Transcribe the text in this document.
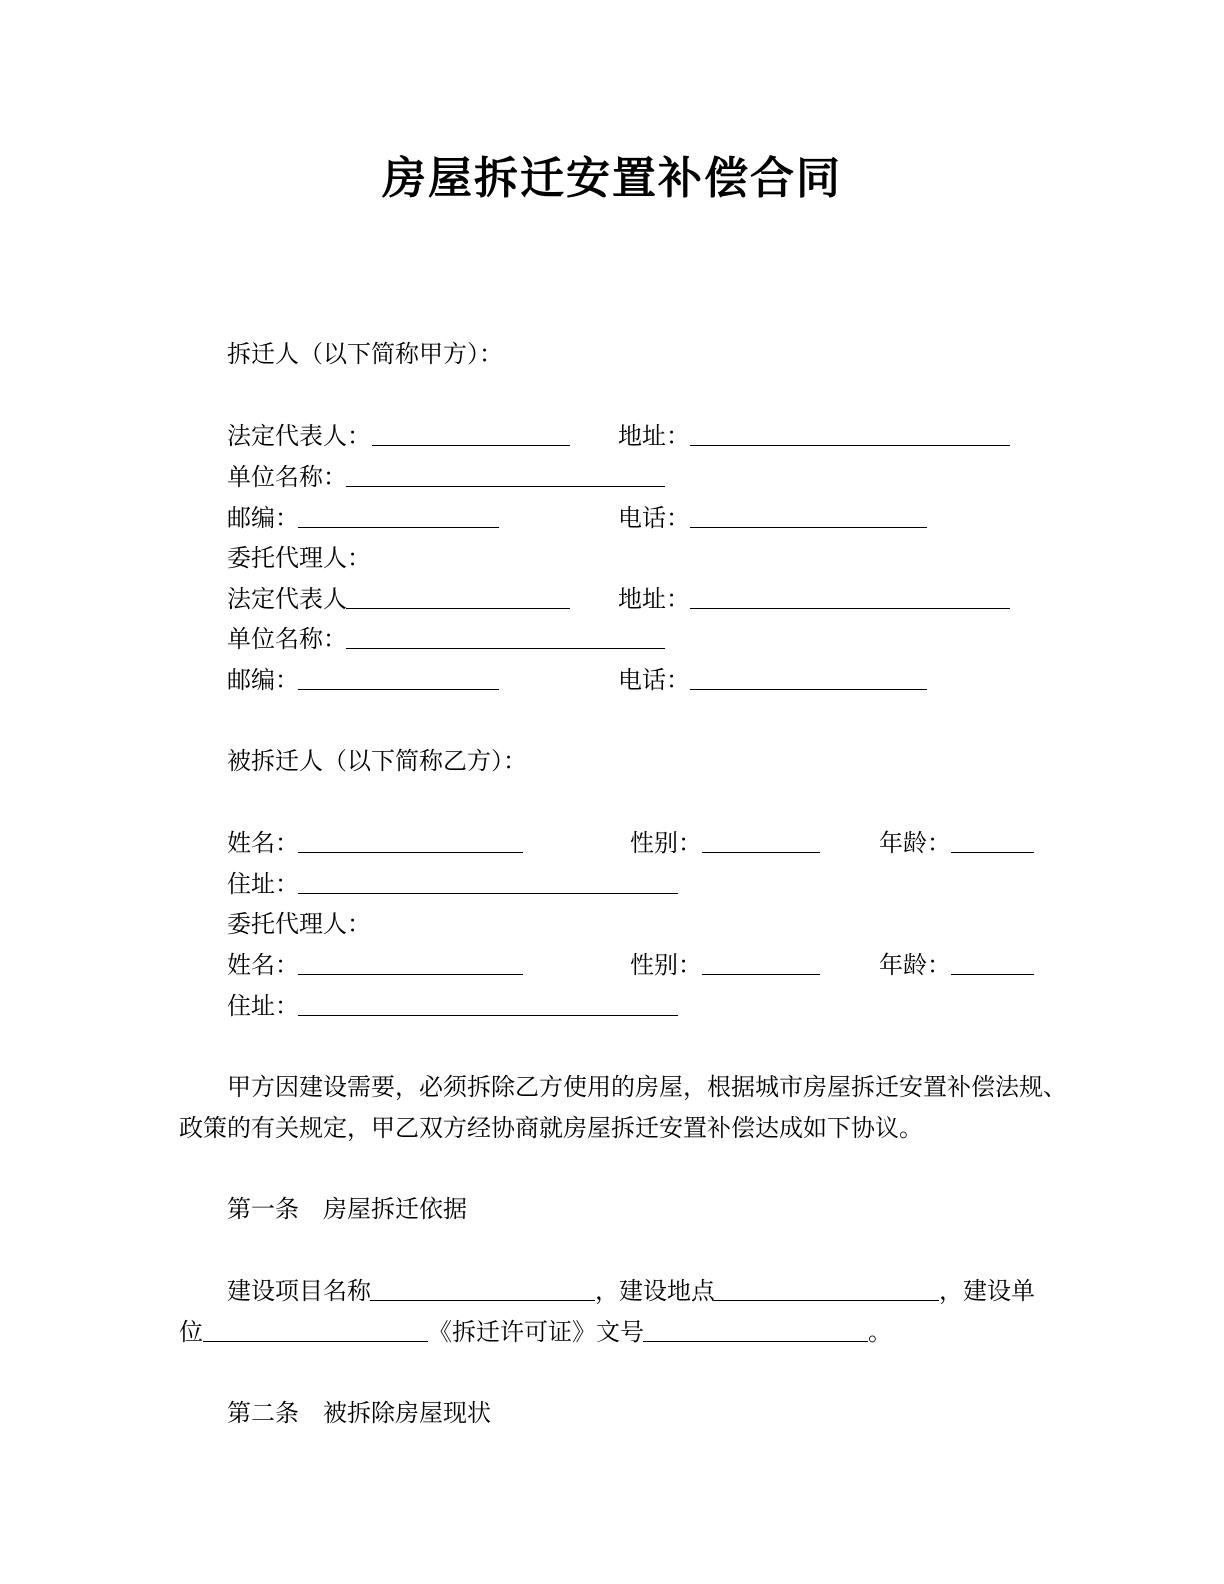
房屋拆迁安置补偿合同
拆迁人（以下简称甲方）：
法定代表人：	地址：
单位名称：
邮编：	电话：
委托代理人：
法定代表人	地址：
单位名称：
邮编：	电话：
被拆迁人（以下简称乙方）：
姓名：	性别：	年龄：
住址：
委托代理人：
姓名：	性别：	年龄：
住址：
甲方因建设需要，必须拆除乙方使用的房屋，根据城市房屋拆迁安置补偿法规、
政策的有关规定，甲乙双方经协商就房屋拆迁安置补偿达成如下协议。
第一条　房屋拆迁依据
建设项目名称	，建设地点	，建设单
位	《拆迁许可证》文号	。
第二条　被拆除房屋现状
